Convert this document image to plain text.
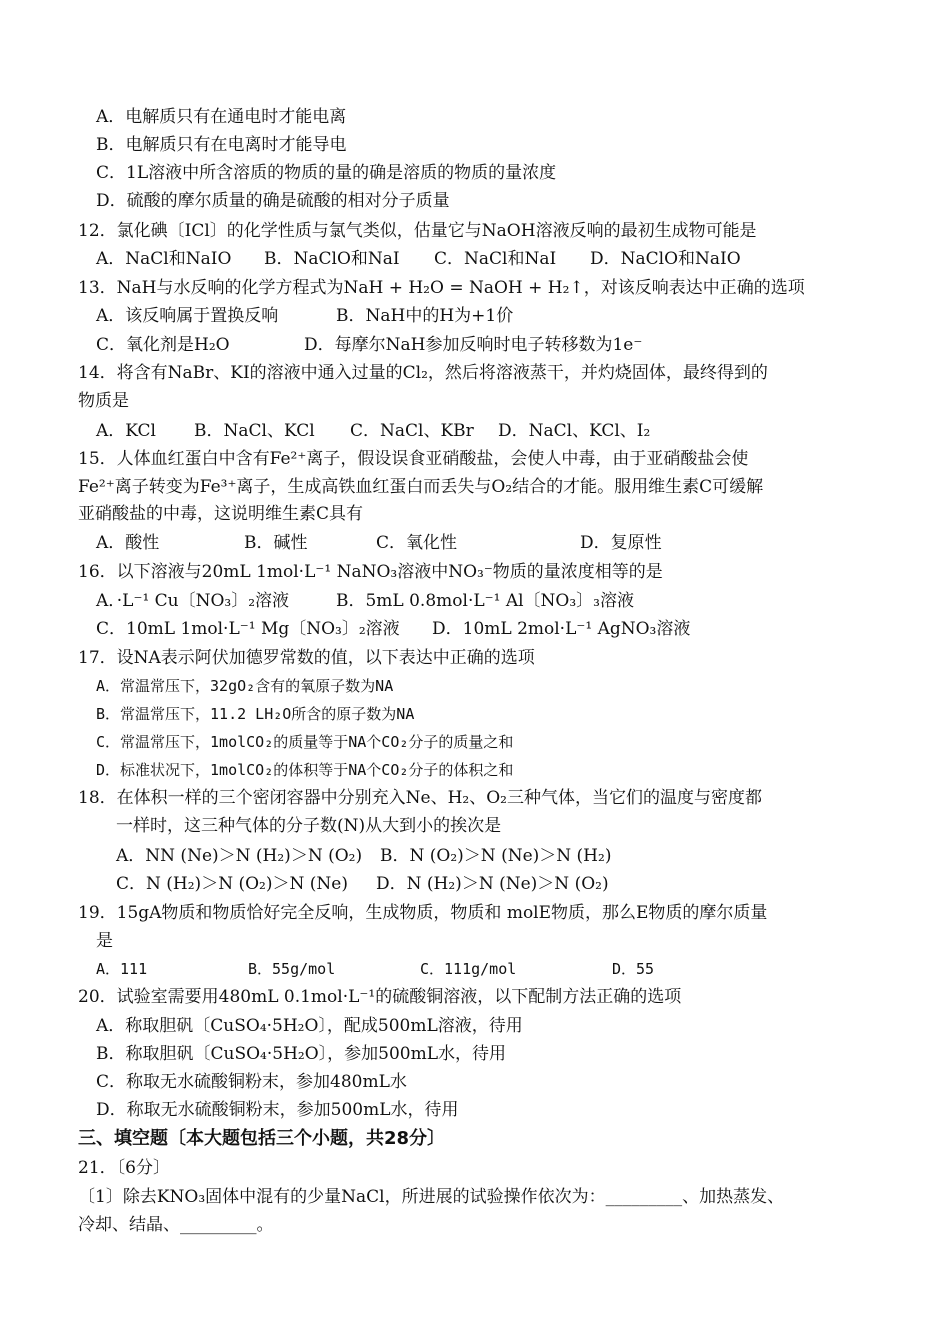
A．电解质只有在通电时才能电离
B．电解质只有在电离时才能导电
C．1L溶液中所含溶质的物质的量的确是溶质的物质的量浓度
D．硫酸的摩尔质量的确是硫酸的相对分子质量
12．氯化碘〔ICl〕的化学性质与氯气类似，估量它与NaOH溶液反响的最初生成物可能是
A．NaCl和NaIO B．NaClO和NaI C．NaCl和NaI D．NaClO和NaIO
13．NaH与水反响的化学方程式为NaH + H₂O = NaOH + H₂↑，对该反响表达中正确的选项
A．该反响属于置换反响	B．NaH中的H为+1价
C．氧化剂是H₂O	D．每摩尔NaH参加反响时电子转移数为1e⁻
14．将含有NaBr、KI的溶液中通入过量的Cl₂，然后将溶液蒸干，并灼烧固体，最终得到的
物质是
A．KCl B．NaCl、KCl C．NaCl、KBr D．NaCl、KCl、I₂
15．人体血红蛋白中含有Fe²⁺离子，假设误食亚硝酸盐，会使人中毒，由于亚硝酸盐会使
Fe²⁺离子转变为Fe³⁺离子，生成高铁血红蛋白而丢失与O₂结合的才能。服用维生素C可缓解
亚硝酸盐的中毒，这说明维生素C具有
A．酸性	B．碱性	C．氧化性	D．复原性
16．以下溶液与20mL 1mol·L⁻¹ NaNO₃溶液中NO₃⁻物质的量浓度相等的是
A．·L⁻¹ Cu〔NO₃〕₂溶液	B．5mL 0.8mol·L⁻¹ Al〔NO₃〕₃溶液
C．10mL 1mol·L⁻¹ Mg〔NO₃〕₂溶液 D．10mL 2mol·L⁻¹ AgNO₃溶液
17．设NA表示阿伏加德罗常数的值，以下表达中正确的选项
A．常温常压下，32gO₂含有的氧原子数为NA
B．常温常压下，11.2 LH₂O所含的原子数为NA
C．常温常压下，1molCO₂的质量等于NA个CO₂分子的质量之和
D．标准状况下，1molCO₂的体积等于NA个CO₂分子的体积之和
18．在体积一样的三个密闭容器中分别充入Ne、H₂、O₂三种气体，当它们的温度与密度都
一样时，这三种气体的分子数(N)从大到小的挨次是
A．NN (Ne)＞N (H₂)＞N (O₂) B．N (O₂)＞N (Ne)＞N (H₂)
C．N (H₂)＞N (O₂)＞N (Ne) D．N (H₂)＞N (Ne)＞N (O₂)
19．15gA物质和物质恰好完全反响，生成物质，物质和 molE物质，那么E物质的摩尔质量
是
A．111	B．55g/mol	C．111g/mol	D．55
20．试验室需要用480mL 0.1mol·L⁻¹的硫酸铜溶液，以下配制方法正确的选项
A．称取胆矾〔CuSO₄·5H₂O〕，配成500mL溶液，待用
B．称取胆矾〔CuSO₄·5H₂O〕，参加500mL水，待用
C．称取无水硫酸铜粉末，参加480mL水
D．称取无水硫酸铜粉末，参加500mL水，待用
三、填空题〔本大题包括三个小题，共28分〕
21．〔6分〕
〔1〕除去KNO₃固体中混有的少量NaCl，所进展的试验操作依次为：_________、加热蒸发、
冷却、结晶、_________。
